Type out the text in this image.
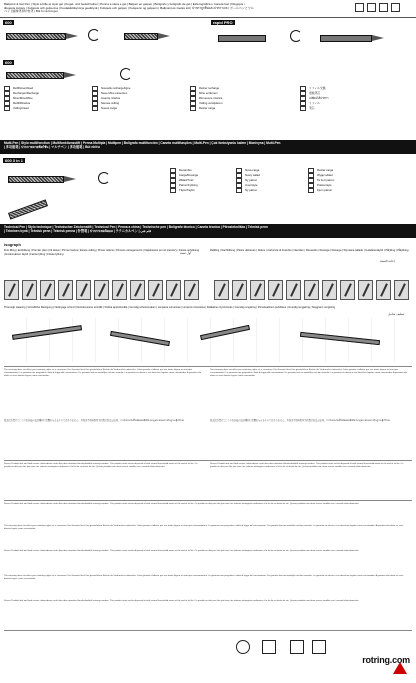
Ballpoint & Gel Pen | Stylo à bille et stylo gel | Kugel- und Gelschreiber | Penna a sfera e gel | Balpen en gelpen | Bolígrafo y bolígrafo de gel | Esferográfica e Caneta Gel | Długopis i
długopis żelowy | Kulspets och gelpenna | Kuulakärkikynä ja geelikynä | Kulspets och gelpen | Kulepenn og gelpenn | Ballpoint és zselés toll | ปากกาลูกลื่นและปากกาเจล | ボールペンとゲル
ペン | 圆珠笔和中性笔 | Bút bi và bút gel
600	rapid PRO
600
Refill/insert/feed
Recharger/Recharge
Mine/Mine/Mine
Refill/Ricarica
Vulling/Insert
Nouvelle recharge/ligne
Neue Mine einsetzen
Inserire ricarica
Nieuwe vulling
Nueva carga
Retirer recharge
Mine entfernen
Rimuovere ricarica
Vulling verwijderen
Retirar carga
リフィル交換
更换笔芯
เปลี่ยนไส้ปากกา
リフィル
笔芯
Multi-Pen | Stylo multifonction | Multifunktionsstift | Penna Multipla | Multipen | Bolígrafo multifunción | Caneta multifunções | Multi-Pen | Çok fonksiyonlu kalem | Monivyna | Multi-Pen
| 多功能笔 | ปากกาหลายฟังก์ชัน | マルチペン | 多功能笔 | Bút nhiều
600 3 in 1
Recambio
Carga/Recarga
Wkład/Tusz
Patron/Fyllning
Täyte/Täyttö
Nova carga
Nowy wkład
Ny patron
Uusi täyte
Ny patron
Retirar carga
Wyjąć wkład
Ta bort patron
Poista täyte
Fjern patron
Technical Pen | Stylo technique | Technischer Zeichenstift | Technical Pen | Penna a china | Technische pen | Bolígrafo técnico | Caneta técnica | Piirostekniikka | Teknisk penn
| Tekninen kynä | Teknisk penn | Teknisk penna | 针管笔 | ปากกาเทคนิคอล | テクニカルペン | قلم فني
isograph
First filling | Erstfüllung | Premier plein | Ilk dolum | Prima ricarica | Eerste vulling | Primer relleno | Primeiro carregamento | Napełnianie po raz pierwszy | Første opfyldning | Ensimmäinen täyttö | Første fylling | Första fyllning	أول تعبئة
Refilling | Nachfüllung | Pleins ultérieurs | Dolum | Cartuccia di ricambio | Navullen | Recambio | Recarga | Recarga | Wymiana wkładu | Uudelleentäyttö | Påfylling | Påfyllning
إعادة التعبئة
Thorough cleaning | Gründliche Reinigung | Nettoyage à fond | Derinlemesine temizlik | Pulizia approfondita | Grondig schoonmaken | Limpieza minuciosa | Limpeza minuciosa | Dokładne czyszczenie | Grundig rengøring | Perusteellinen puhdistus | Grundig rengjøring | Noggrann rengöring
تنظيف شامل
The warranty does not affect your statutory rights as a consumer. Die Garantie lässt Ihre gesetzlichen Rechte als Verbraucher unberührt. Cette garantie n'affecte pas vos droits légaux en tant que consommateur. La garanzia non pregiudica i diritti di legge del consumatore. De garantie laat uw wettelijke rechten onverlet. La garantía no afecta a sus derechos legales como consumidor. A garantia não afeta os seus direitos legais como consumidor.
The warranty does not affect your statutory rights as a consumer. Die Garantie lässt Ihre gesetzlichen Rechte als Verbraucher unberührt. Cette garantie n'affecte pas vos droits légaux en tant que consommateur. La garanzia non pregiudica i diritti di legge del consumatore. De garantie laat uw wettelijke rechten onverlet. La garantía no afecta a sus derechos legales como consumidor. A garantia não afeta os seus direitos legais como consumidor.
保証は消費者としてのお客様の法的権利に影響を与えるものではありません。本保证不影响您作为消费者的法定权利。การรับประกันนี้ไม่มีผลต่อสิทธิตามกฎหมายของท่านในฐานะผู้บริโภค	保証は消費者としてのお客様の法的権利に影響を与えるものではありません。本保证不影响您作为消费者的法定权利。การรับประกันนี้ไม่มีผลต่อสิทธิตามกฎหมายของท่านในฐานะผู้บริโภค
Dieses Produkt darf am Ende seiner Lebensdauer nicht über den normalen Haushaltsabfall entsorgt werden. This product must not be disposed of with normal household waste at the end of its life. Ce produit ne doit pas être jeté avec les ordures ménagères ordinaires à la fin de sa durée de vie. Questo prodotto non deve essere smaltito con i normali rifiuti domestici.
Dieses Produkt darf am Ende seiner Lebensdauer nicht über den normalen Haushaltsabfall entsorgt werden. This product must not be disposed of with normal household waste at the end of its life. Ce produit ne doit pas être jeté avec les ordures ménagères ordinaires à la fin de sa durée de vie. Questo prodotto non deve essere smaltito con i normali rifiuti domestici.
Dieses Produkt darf am Ende seiner Lebensdauer nicht über den normalen Haushaltsabfall entsorgt werden. This product must not be disposed of with normal household waste at the end of its life. Ce produit ne doit pas être jeté avec les ordures ménagères ordinaires à la fin de sa durée de vie. Questo prodotto non deve essere smaltito con i normali rifiuti domestici.
The warranty does not affect your statutory rights as a consumer. Die Garantie lässt Ihre gesetzlichen Rechte als Verbraucher unberührt. Cette garantie n'affecte pas vos droits légaux en tant que consommateur. La garanzia non pregiudica i diritti di legge del consumatore. De garantie laat uw wettelijke rechten onverlet. La garantía no afecta a sus derechos legales como consumidor. A garantia não afeta os seus direitos legais como consumidor.
Dieses Produkt darf am Ende seiner Lebensdauer nicht über den normalen Haushaltsabfall entsorgt werden. This product must not be disposed of with normal household waste at the end of its life. Ce produit ne doit pas être jeté avec les ordures ménagères ordinaires à la fin de sa durée de vie. Questo prodotto non deve essere smaltito con i normali rifiuti domestici.
The warranty does not affect your statutory rights as a consumer. Die Garantie lässt Ihre gesetzlichen Rechte als Verbraucher unberührt. Cette garantie n'affecte pas vos droits légaux en tant que consommateur. La garanzia non pregiudica i diritti di legge del consumatore. De garantie laat uw wettelijke rechten onverlet. La garantía no afecta a sus derechos legales como consumidor. A garantia não afeta os seus direitos legais como consumidor.
Dieses Produkt darf am Ende seiner Lebensdauer nicht über den normalen Haushaltsabfall entsorgt werden. This product must not be disposed of with normal household waste at the end of its life. Ce produit ne doit pas être jeté avec les ordures ménagères ordinaires à la fin de sa durée de vie. Questo prodotto non deve essere smaltito con i normali rifiuti domestici.
rotring.com
